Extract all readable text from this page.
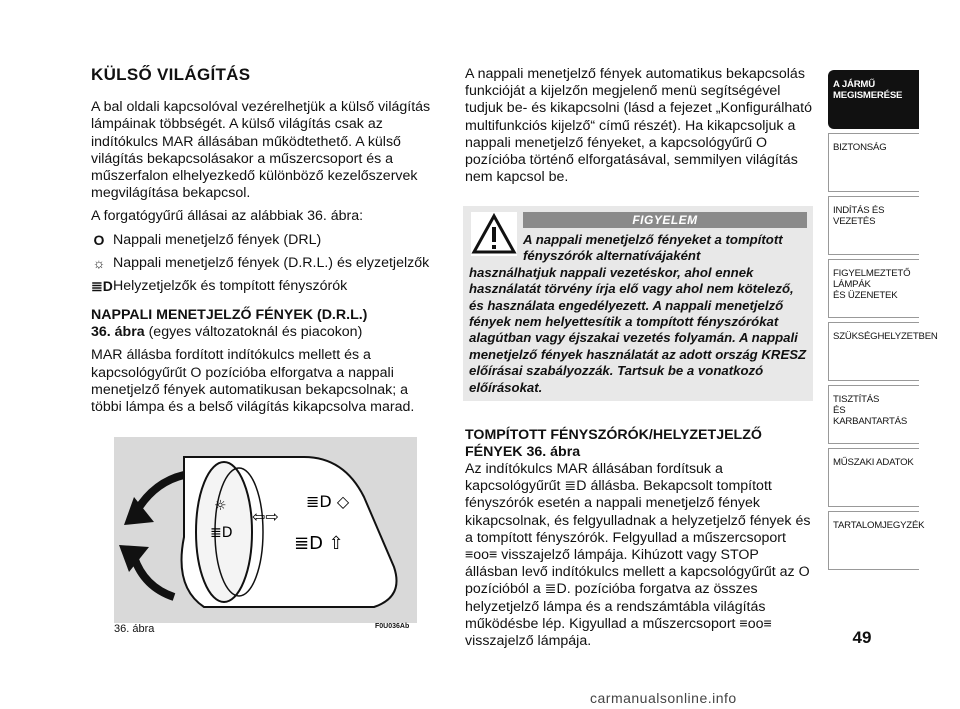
KÜLSŐ VILÁGÍTÁS

A bal oldali kapcsolóval vezérelhetjük a külső világítás lámpáinak többségét. A külső világítás csak az indítókulcs MAR állásában működtethető. A külső világítás bekapcsolásakor a műszercsoport és a műszerfalon elhelyezkedő különböző kezelőszervek megvilágítása bekapcsol.

A forgatógyűrű állásai az alábbiak 36. ábra:

O Nappali menetjelző fények (DRL)
☼ Nappali menetjelző fények (D.R.L.) és elyzetjelzők
≣D Helyzetjelzők és tompított fényszórók
NAPPALI MENETJELZŐ FÉNYEK (D.R.L.)
36. ábra (egyes változatoknál és piacokon)

MAR állásba fordított indítókulcs mellett és a kapcsológyűrűt O pozícióba elforgatva a nappali menetjelző fények automatikusan bekapcsolnak; a többi lámpa és a belső világítás kikapcsolva marad.

A nappali menetjelző fények automatikus bekapcsolás funkcióját a kijelzőn megjelenő menü segítségével tudjuk be- és kikapcsolni (lásd a fejezet „Konfigurálható multifunkciós kijelző“ című részét). Ha kikapcsoljuk a nappali menetjelző fényeket, a kapcsológyűrű O pozícióba történő elforgatásával, semmilyen világítás nem kapcsol be.

FIGYELEM
A nappali menetjelző fényeket a tompított fényszórók alternatívájaként
használhatjuk nappali vezetéskor, ahol ennek használatát törvény írja elő vagy ahol nem kötelező, és használata engedélyezett. A nappali menetjelző fények nem helyettesítik a tompított fényszórókat alagútban vagy éjszakai vezetés folyamán. A nappali menetjelző fények használatát az adott ország KRESZ előírásai szabályozzák. Tartsuk be a vonatkozó előírásokat.
TOMPÍTOTT FÉNYSZÓRÓK/HELYZETJELZŐ FÉNYEK 36. ábra

Az indítókulcs MAR állásában fordítsuk a kapcsológyűrűt ≣D állásba. Bekapcsolt tompított fényszórók esetén a nappali menetjelző fények kikapcsolnak, és felgyulladnak a helyzetjelző fények és a tompított fényszórók. Felgyullad a műszercsoport ≡oo≡ visszajelző lámpája. Kihúzott vagy STOP állásban levő indítókulcs mellett a kapcsológyűrűt az O pozícióból a ≣D. pozícióba forgatva az összes helyzetjelző lámpa és a rendszámtábla világítás működésbe lép. Kigyullad a műszercsoport ≡oo≡ visszajelző lámpája.

☼
≣D
⇦⇨
≣D ◇
≣D ⇧
36. ábra	F0U036Ab
A JÁRMŰ
MEGISMERÉSE
BIZTONSÁG
INDÍTÁS ÉS VEZETÉS
FIGYELMEZTETŐ
LÁMPÁK
ÉS ÜZENETEK
SZÜKSÉGHELYZETBEN
TISZTÍTÁS
ÉS KARBANTARTÁS
MŰSZAKI ADATOK
TARTALOMJEGYZÉK
49
carmanualsonline.info
